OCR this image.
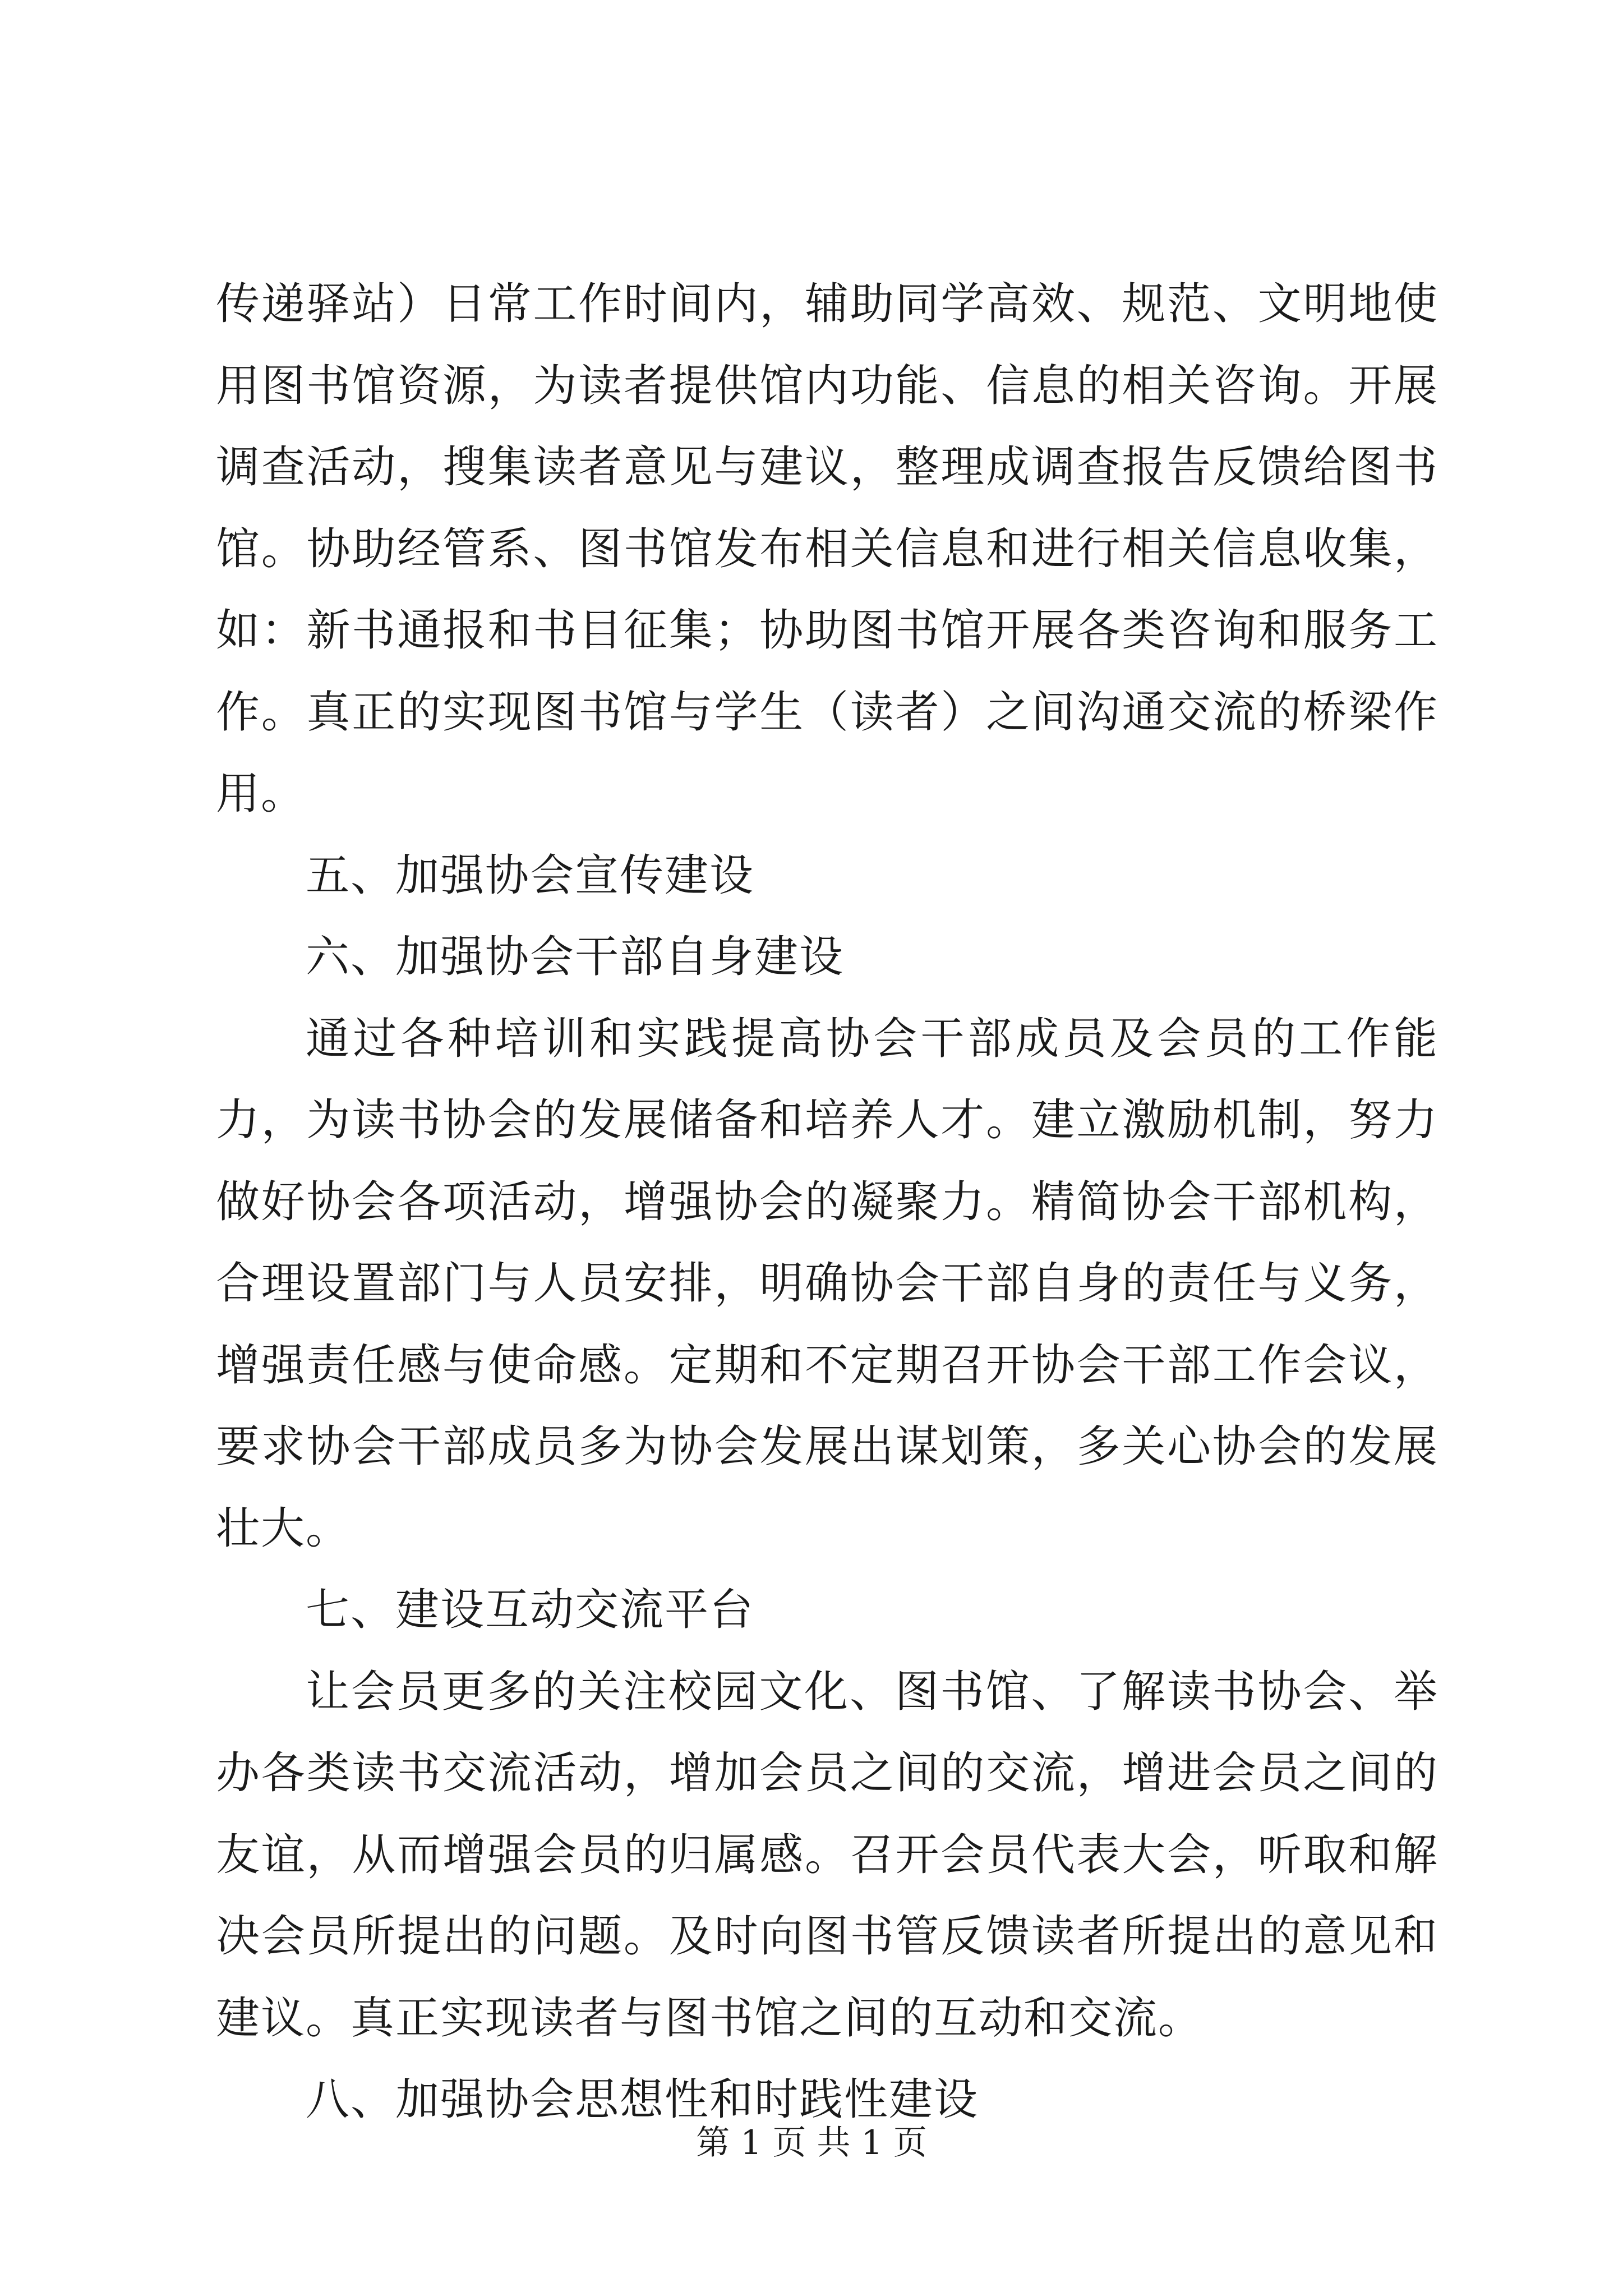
传递驿站）日常工作时间内，辅助同学高效、规范、文明地使用图书馆资源，为读者提供馆内功能、信息的相关咨询。开展调查活动，搜集读者意见与建议，整理成调查报告反馈给图书馆。协助经管系、图书馆发布相关信息和进行相关信息收集，如：新书通报和书目征集；协助图书馆开展各类咨询和服务工作。真正的实现图书馆与学生（读者）之间沟通交流的桥梁作用。

五、加强协会宣传建设

六、加强协会干部自身建设

通过各种培训和实践提高协会干部成员及会员的工作能力，为读书协会的发展储备和培养人才。建立激励机制，努力做好协会各项活动，增强协会的凝聚力。精简协会干部机构，合理设置部门与人员安排，明确协会干部自身的责任与义务，增强责任感与使命感。定期和不定期召开协会干部工作会议，要求协会干部成员多为协会发展出谋划策，多关心协会的发展壮大。

七、建设互动交流平台

让会员更多的关注校园文化、图书馆、了解读书协会、举办各类读书交流活动，增加会员之间的交流，增进会员之间的友谊，从而增强会员的归属感。召开会员代表大会，听取和解决会员所提出的问题。及时向图书管反馈读者所提出的意见和建议。真正实现读者与图书馆之间的互动和交流。

八、加强协会思想性和时践性建设

第 1 页 共 1 页
